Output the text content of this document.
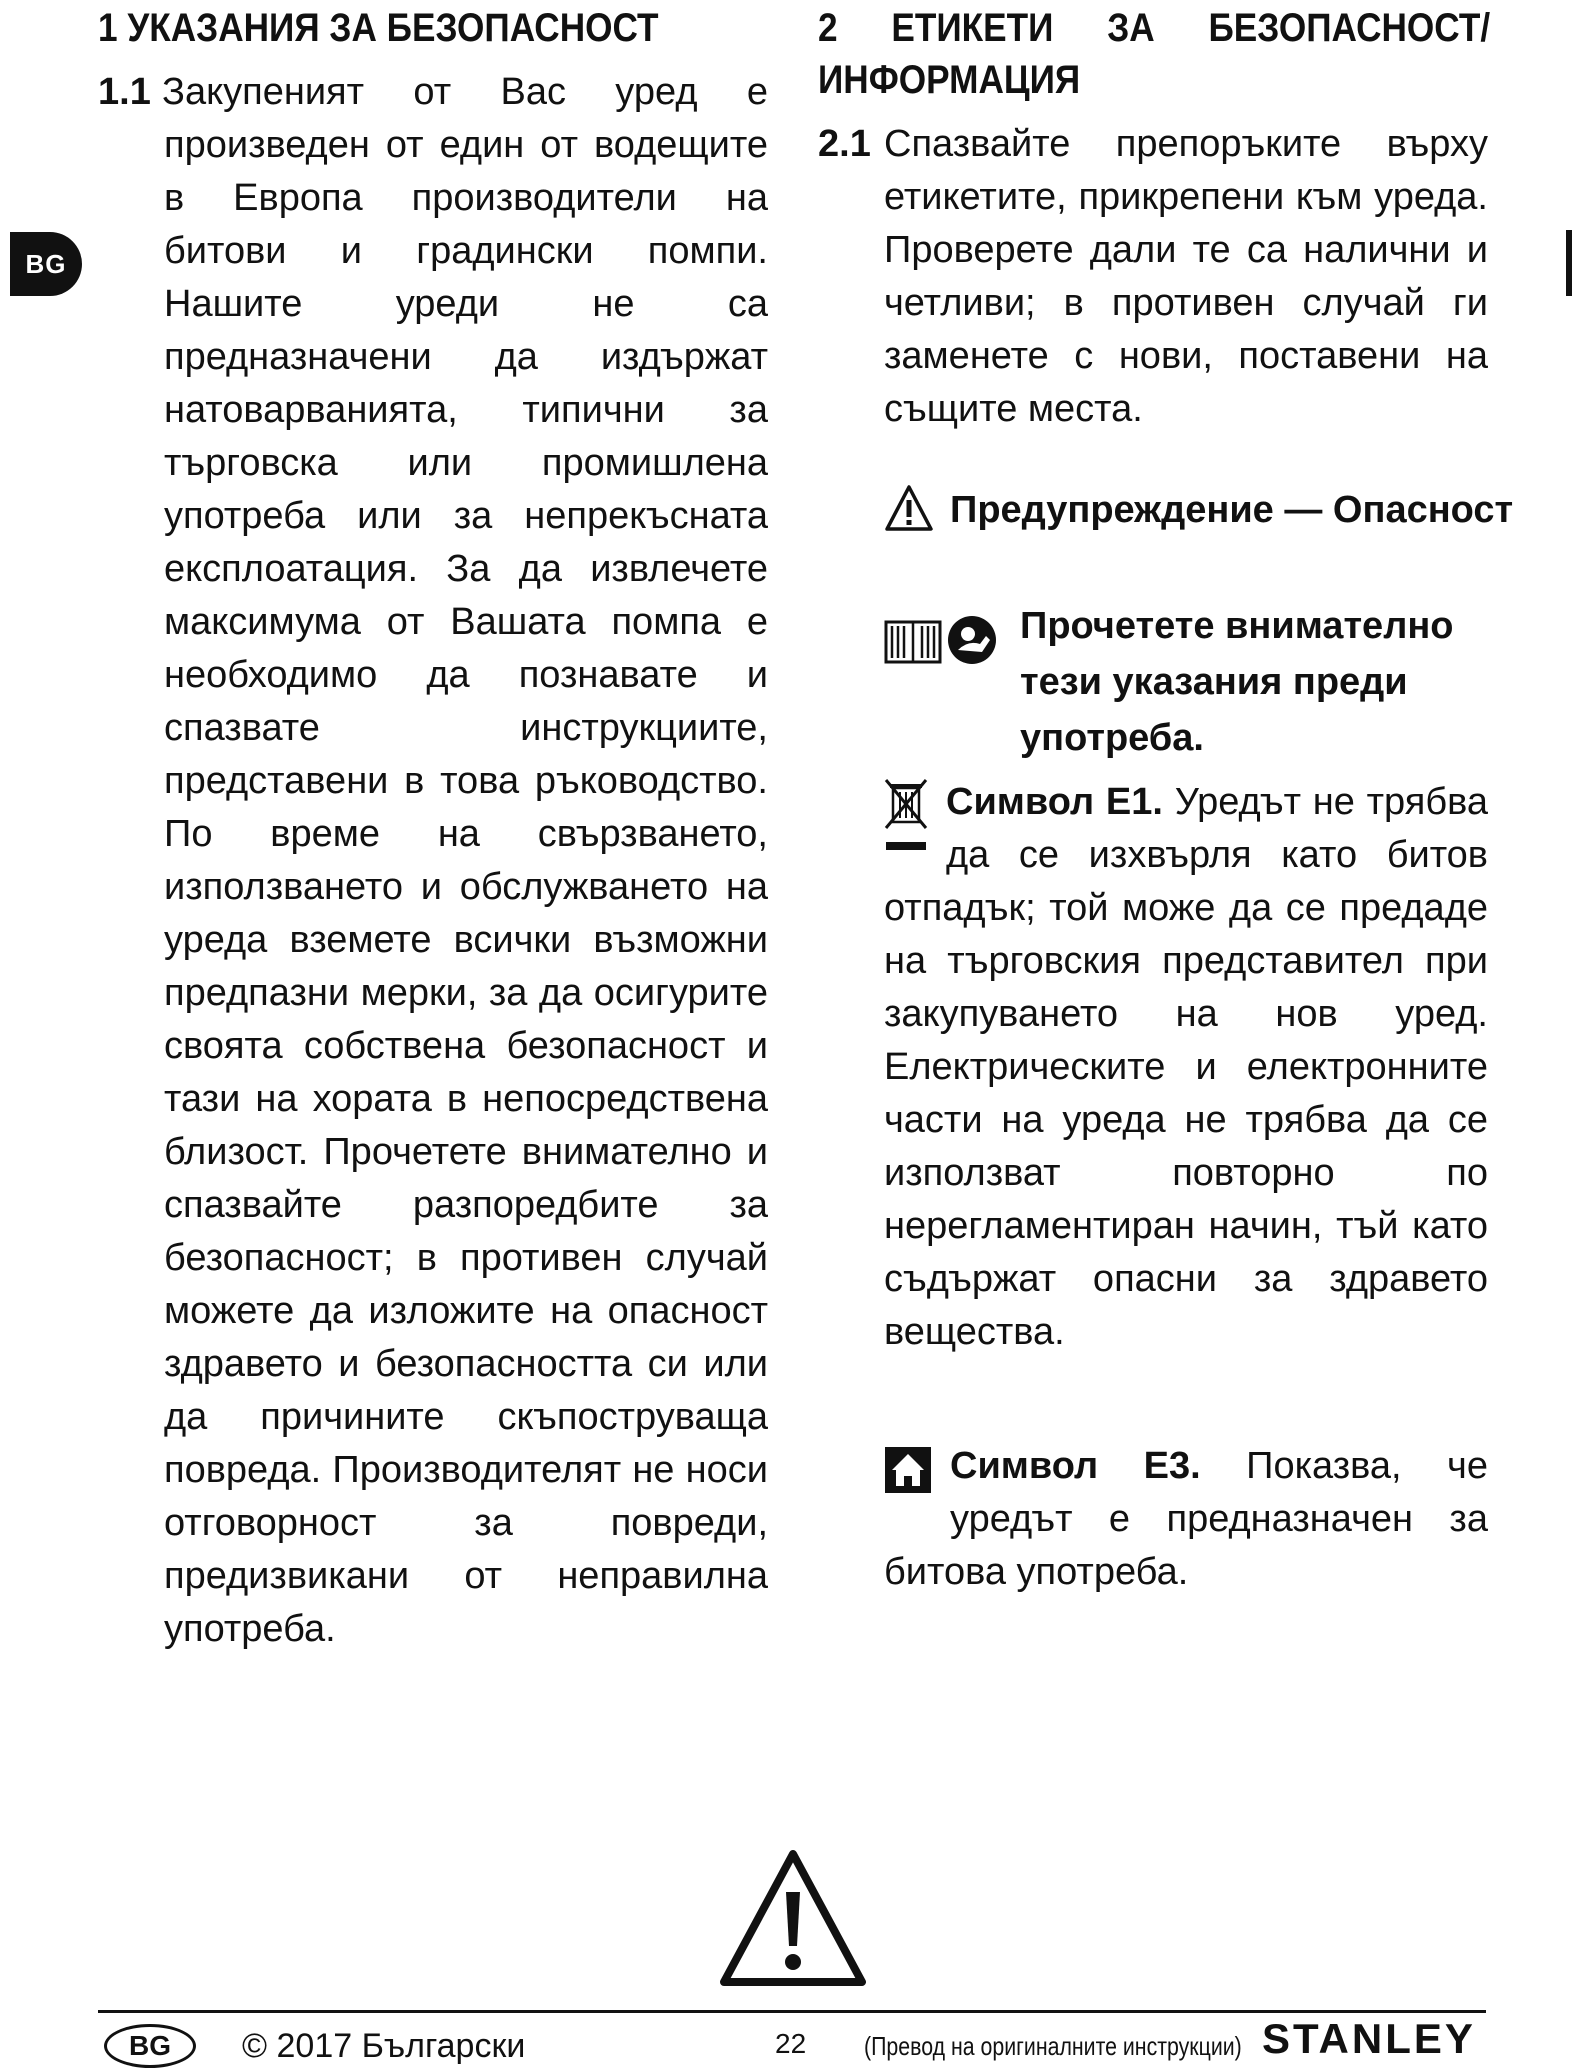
BG
1 УКАЗАНИЯ ЗА БЕЗОПАСНОСТ
1.1 Закупеният от Вас уред е произведен от един от водещите в Европа производители на битови и градински помпи. Нашите уреди не са предназначени да издържат натоварванията, типични за търговска или промишлена употреба или за непрекъсната експлоатация. За да извлечете максимума от Вашата помпа е необходимо да познавате и спазвате инструкциите, представени в това ръководство. По време на свързването, използването и обслужването на уреда вземете всички възможни предпазни мерки, за да осигурите своята собствена безопасност и тази на хората в непосредствена близост. Прочетете внимателно и спазвайте разпоредбите за безопасност; в противен случай можете да изложите на опасност здравето и безопасността си или да причините скъпоструваща повреда. Производителят не носи отговорност за повреди, предизвикани от неправилна употреба.

2 ЕТИКЕТИ ЗА БЕЗОПАСНОСТ/ ИНФОРМАЦИЯ
2.1 Спазвайте препоръките върху етикетите, прикрепени към уреда. Проверете дали те са налични и четливи; в противен случай ги заменете с нови, поставени на същите места.

Предупреждение — Опасност

Прочетете внимателно тези указания преди употреба.

Символ Е1. Уредът не трябва да се изхвърля като битов отпадък; той може да се предаде на търговския представител при закупуването на нов уред. Електрическите и електронните части на уреда не трябва да се използват повторно по нерегламентиран начин, тъй като съдържат опасни за здравето вещества.

Символ Е3. Показва, че уредът е предназначен за битова употреба.

BG	© 2017 Български	22 (Превод на оригиналните инструкции) STANLEY
